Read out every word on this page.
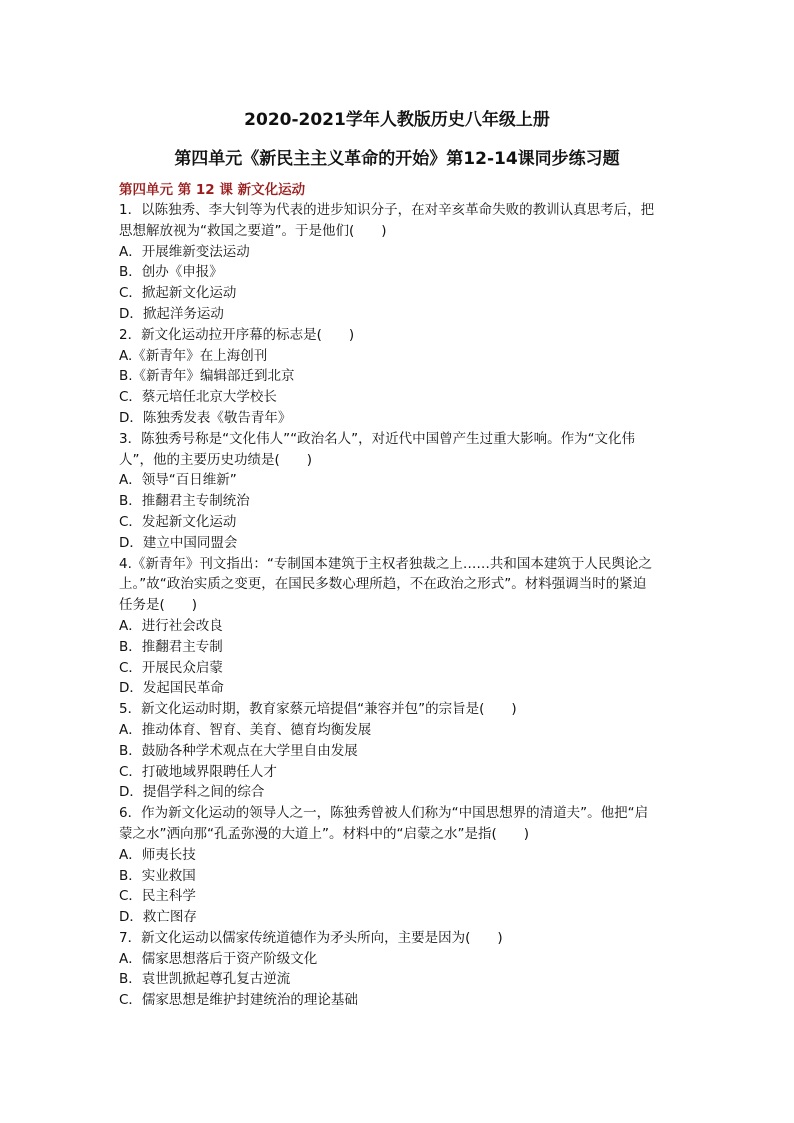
2020-2021学年人教版历史八年级上册
第四单元《新民主主义革命的开始》第12-14课同步练习题
第四单元 第 12 课 新文化运动
1．以陈独秀、李大钊等为代表的进步知识分子，在对辛亥革命失败的教训认真思考后，把
思想解放视为“救国之要道”。于是他们(　　)
A．开展维新变法运动
B．创办《申报》
C．掀起新文化运动
D．掀起洋务运动
2．新文化运动拉开序幕的标志是(　　)
A.《新青年》在上海创刊
B.《新青年》编辑部迁到北京
C．蔡元培任北京大学校长
D．陈独秀发表《敬告青年》
3．陈独秀号称是“文化伟人”“政治名人”，对近代中国曾产生过重大影响。作为“文化伟
人”，他的主要历史功绩是(　　)
A．领导“百日维新”
B．推翻君主专制统治
C．发起新文化运动
D．建立中国同盟会
4.《新青年》刊文指出：“专制国本建筑于主权者独裁之上……共和国本建筑于人民舆论之
上。”故“政治实质之变更，在国民多数心理所趋，不在政治之形式”。材料强调当时的紧迫
任务是(　　)
A．进行社会改良
B．推翻君主专制
C．开展民众启蒙
D．发起国民革命
5．新文化运动时期，教育家蔡元培提倡“兼容并包”的宗旨是(　　)
A．推动体育、智育、美育、德育均衡发展
B．鼓励各种学术观点在大学里自由发展
C．打破地域界限聘任人才
D．提倡学科之间的综合
6．作为新文化运动的领导人之一，陈独秀曾被人们称为“中国思想界的清道夫”。他把“启
蒙之水”洒向那“孔孟弥漫的大道上”。材料中的“启蒙之水”是指(　　)
A．师夷长技
B．实业救国
C．民主科学
D．救亡图存
7．新文化运动以儒家传统道德作为矛头所向，主要是因为(　　)
A．儒家思想落后于资产阶级文化
B．袁世凯掀起尊孔复古逆流
C．儒家思想是维护封建统治的理论基础
